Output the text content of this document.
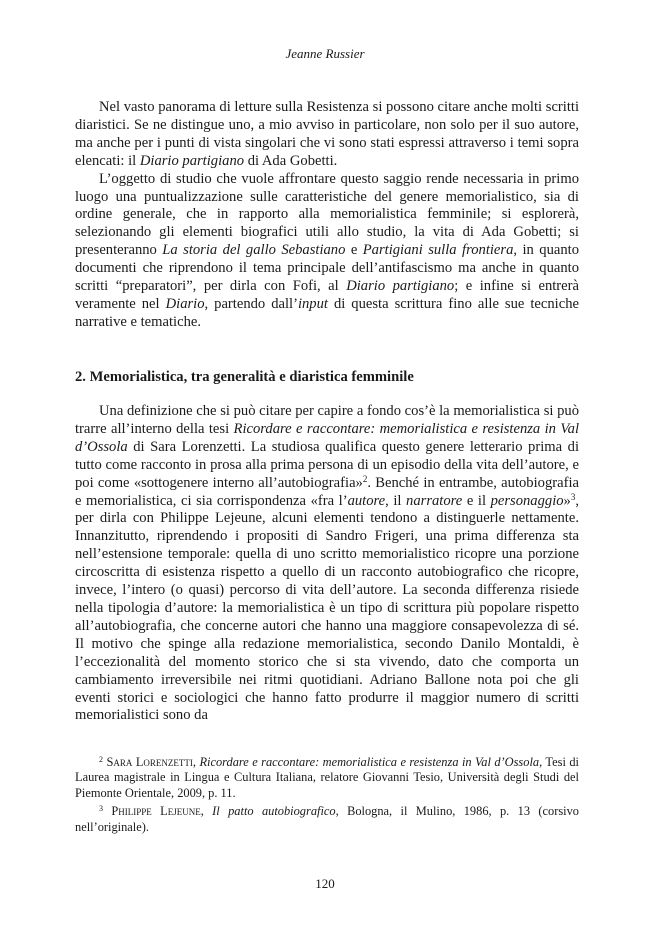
Jeanne Russier

Nel vasto panorama di letture sulla Resistenza si possono citare anche molti scritti diaristici. Se ne distingue uno, a mio avviso in particolare, non solo per il suo autore, ma anche per i punti di vista singolari che vi sono stati espressi attraverso i temi sopra elencati: il Diario partigiano di Ada Gobetti.

L’oggetto di studio che vuole affrontare questo saggio rende necessaria in primo luogo una puntualizzazione sulle caratteristiche del genere memorialistico, sia di ordine generale, che in rapporto alla memorialistica femminile; si esplorerà, selezionando gli elementi biografici utili allo studio, la vita di Ada Gobetti; si presenteranno La storia del gallo Sebastiano e Partigiani sulla frontiera, in quanto documenti che riprendono il tema principale dell’antifascismo ma anche in quanto scritti “preparatori”, per dirla con Fofi, al Diario partigiano; e infine si entrerà veramente nel Diario, partendo dall’input di questa scrittura fino alle sue tecniche narrative e tematiche.

2. Memorialistica, tra generalità e diaristica femminile

Una definizione che si può citare per capire a fondo cos’è la memorialistica si può trarre all’interno della tesi Ricordare e raccontare: memorialistica e resistenza in Val d’Ossola di Sara Lorenzetti. La studiosa qualifica questo genere letterario prima di tutto come racconto in prosa alla prima persona di un episodio della vita dell’autore, e poi come «sottogenere interno all’autobiografia»$^2$. Benché in entrambe, autobiografia e memorialistica, ci sia corrispondenza «fra l’autore, il narratore e il personaggio»$^3$, per dirla con Philippe Lejeune, alcuni elementi tendono a distinguerle nettamente. Innanzitutto, riprendendo i propositi di Sandro Frigeri, una prima differenza sta nell’estensione temporale: quella di uno scritto memorialistico ricopre una porzione circoscritta di esistenza rispetto a quello di un racconto autobiografico che ricopre, invece, l’intero (o quasi) percorso di vita dell’autore. La seconda differenza risiede nella tipologia d’autore: la memorialistica è un tipo di scrittura più popolare rispetto all’autobiografia, che concerne autori che hanno una maggiore consapevolezza di sé. Il motivo che spinge alla redazione memorialistica, secondo Danilo Montaldi, è l’eccezionalità del momento storico che si sta vivendo, dato che comporta un cambiamento irreversibile nei ritmi quotidiani. Adriano Ballone nota poi che gli eventi storici e sociologici che hanno fatto produrre il maggior numero di scritti memorialistici sono da

$^2$ Sara Lorenzetti, Ricordare e raccontare: memorialistica e resistenza in Val d’Ossola, Tesi di Laurea magistrale in Lingua e Cultura Italiana, relatore Giovanni Tesio, Università degli Studi del Piemonte Orientale, 2009, p. 11.

$^3$ Philippe Lejeune, Il patto autobiografico, Bologna, il Mulino, 1986, p. 13 (corsivo nell’originale).

120
